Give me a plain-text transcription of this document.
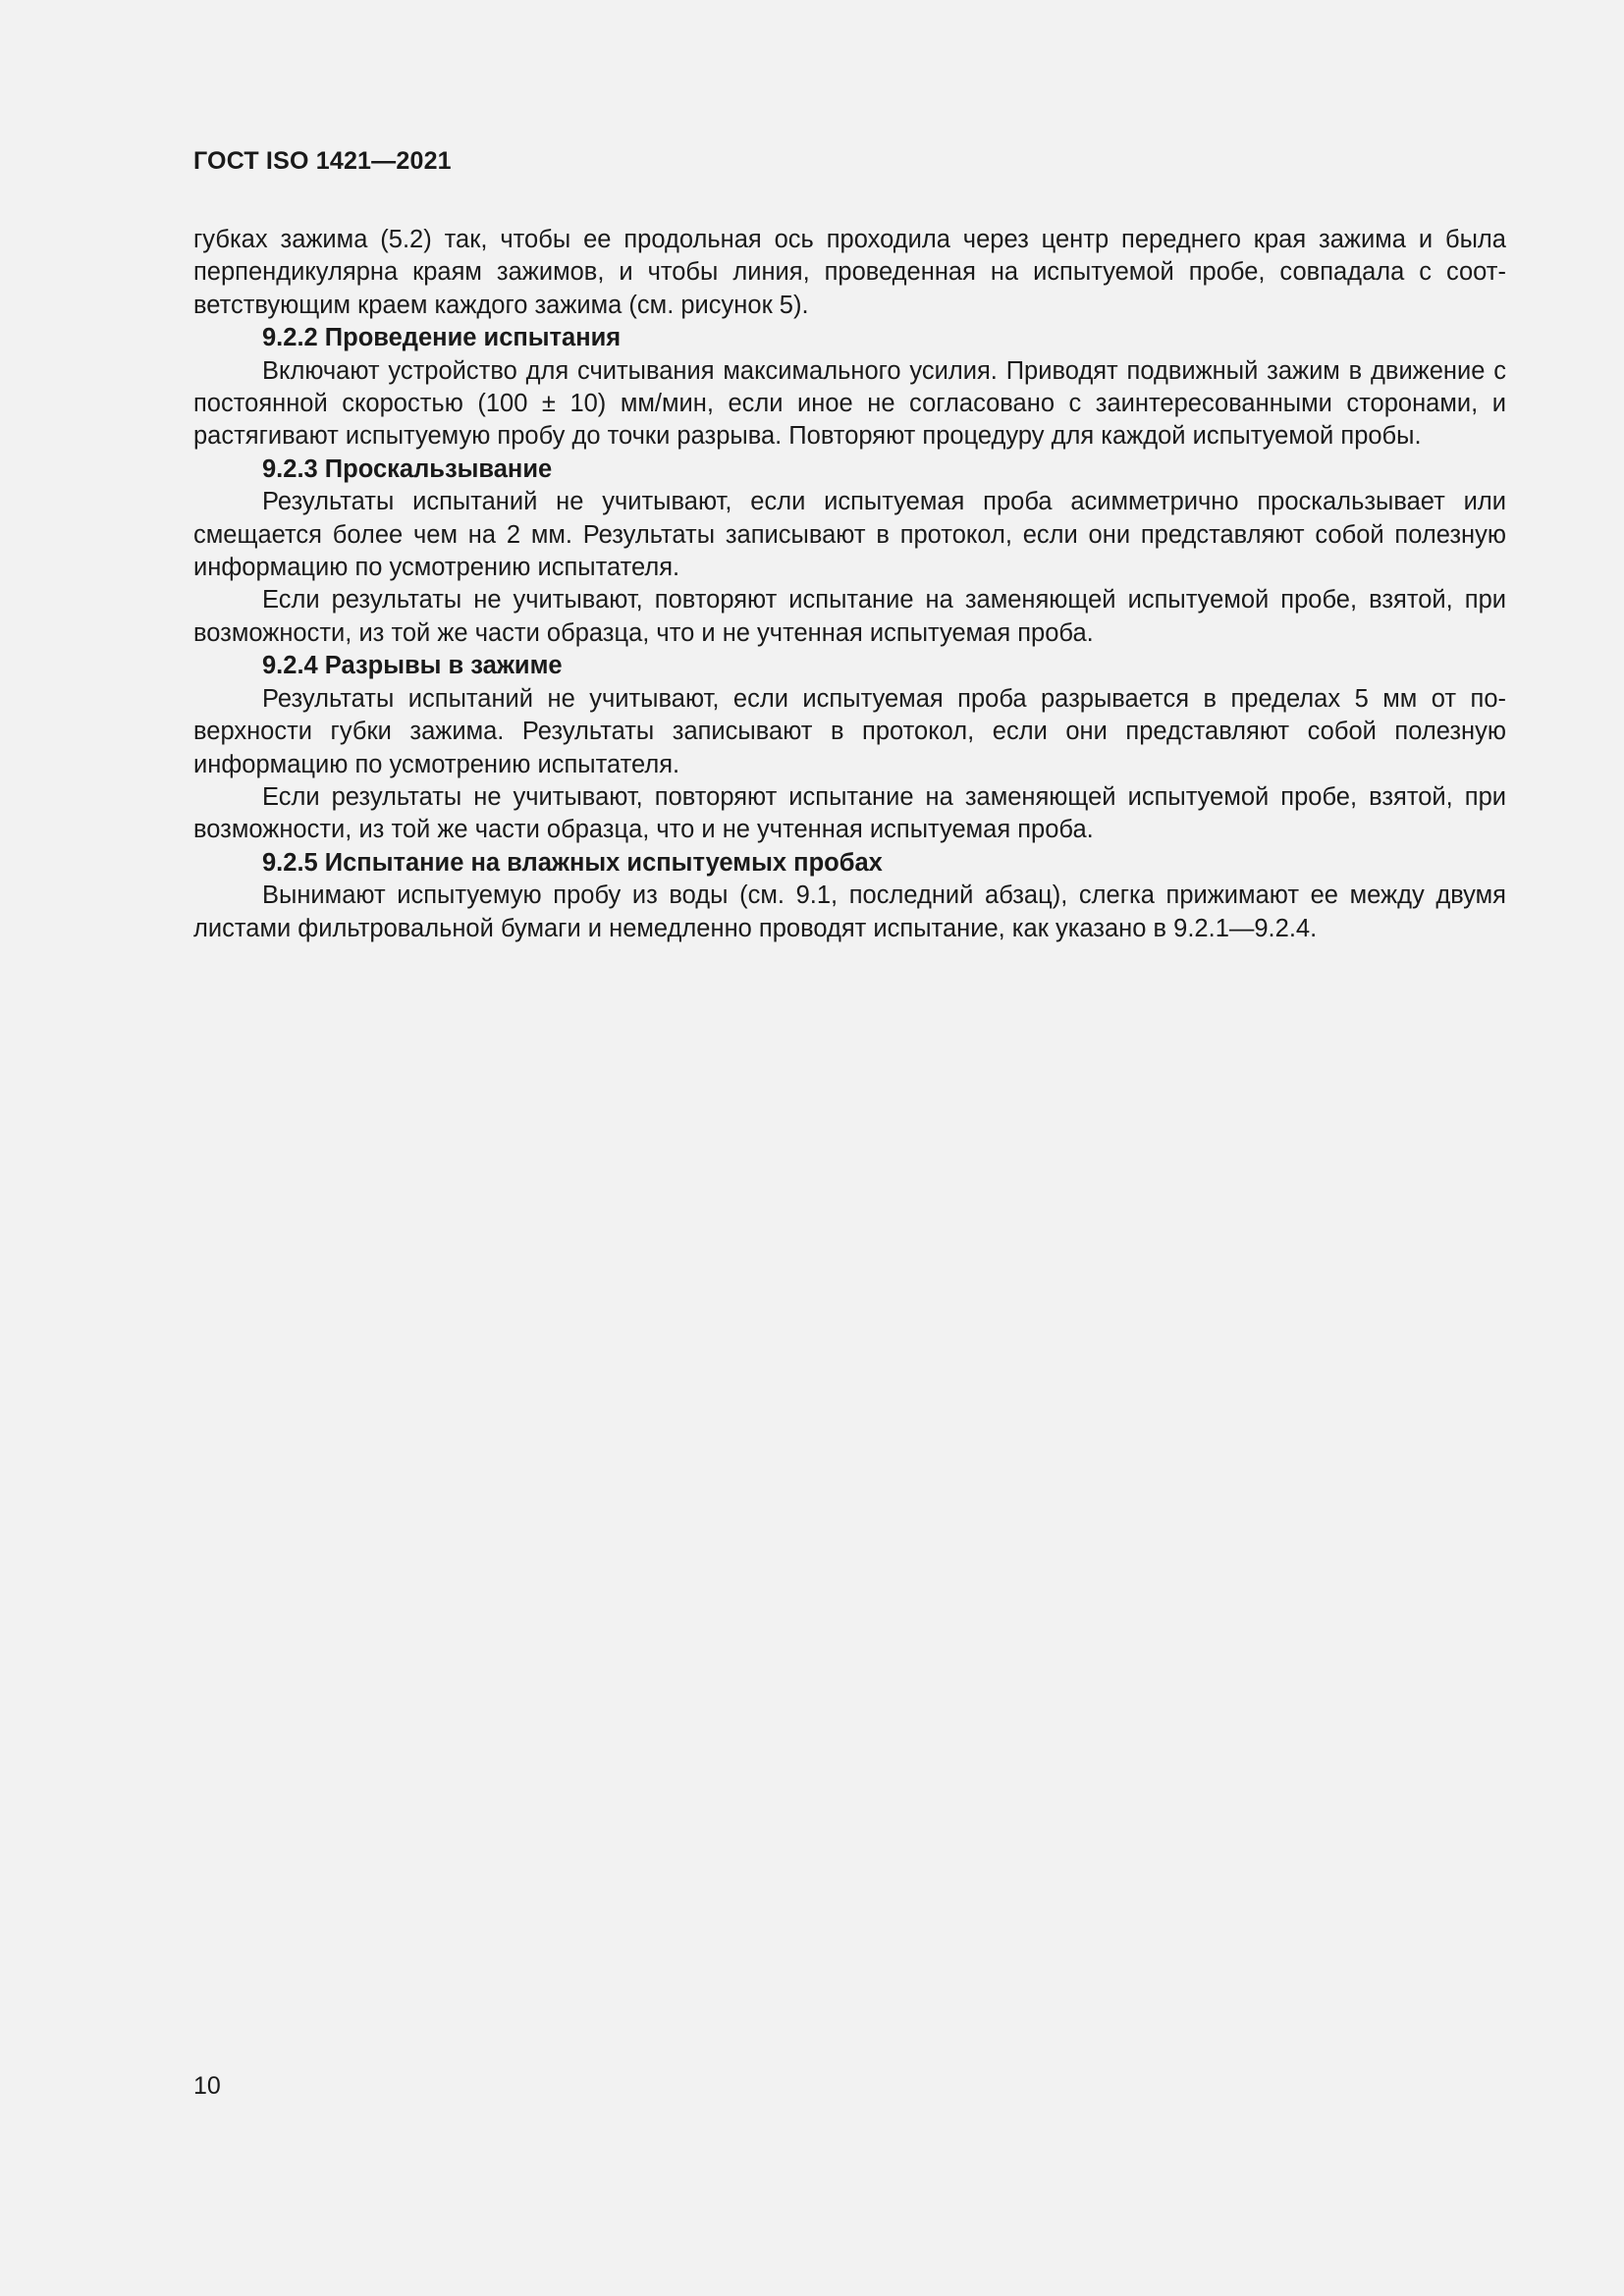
ГОСТ ISO 1421—2021

губках зажима (5.2) так, чтобы ее продольная ось проходила через центр переднего края зажима и была перпендикулярна краям зажимов, и чтобы линия, проведенная на испытуемой пробе, совпадала с соответствующим краем каждого зажима (см. рисунок 5).

9.2.2 Проведение испытания

Включают устройство для считывания максимального усилия. Приводят подвижный зажим в движение с постоянной скоростью (100 ± 10) мм/мин, если иное не согласовано с заинтересованными сторонами, и растягивают испытуемую пробу до точки разрыва. Повторяют процедуру для каждой испытуемой пробы.

9.2.3 Проскальзывание

Результаты испытаний не учитывают, если испытуемая проба асимметрично проскальзывает или смещается более чем на 2 мм. Результаты записывают в протокол, если они представляют собой полезную информацию по усмотрению испытателя.

Если результаты не учитывают, повторяют испытание на заменяющей испытуемой пробе, взятой, при возможности, из той же части образца, что и не учтенная испытуемая проба.

9.2.4 Разрывы в зажиме

Результаты испытаний не учитывают, если испытуемая проба разрывается в пределах 5 мм от поверхности губки зажима. Результаты записывают в протокол, если они представляют собой полезную информацию по усмотрению испытателя.

Если результаты не учитывают, повторяют испытание на заменяющей испытуемой пробе, взятой, при возможности, из той же части образца, что и не учтенная испытуемая проба.

9.2.5 Испытание на влажных испытуемых пробах

Вынимают испытуемую пробу из воды (см. 9.1, последний абзац), слегка прижимают ее между двумя листами фильтровальной бумаги и немедленно проводят испытание, как указано в 9.2.1—9.2.4.

10
